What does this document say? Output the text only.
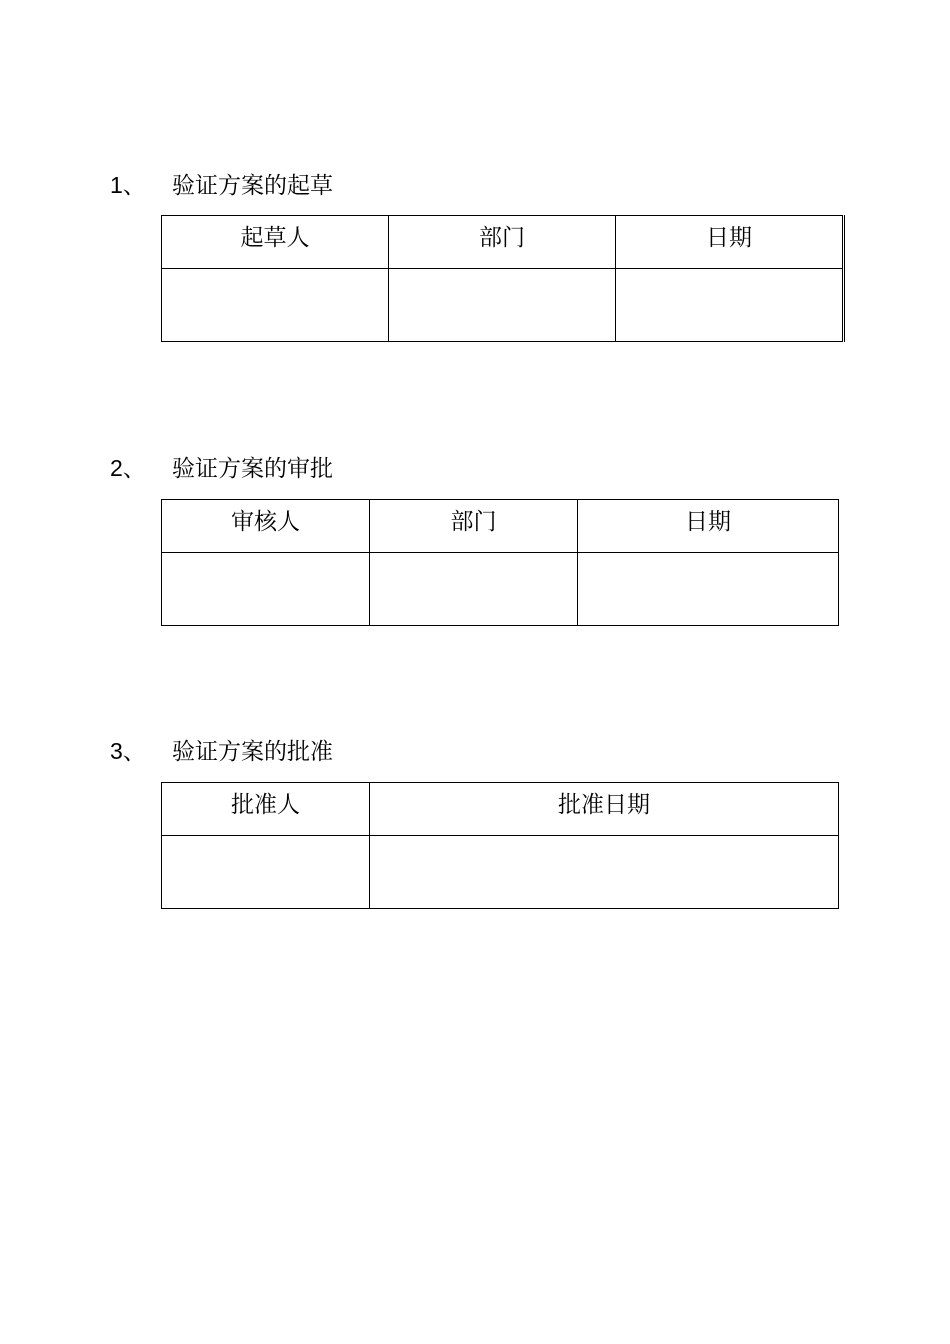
1、 验证方案的起草
起草人	部门	日期

2、 验证方案的审批
审核人	部门	日期

3、 验证方案的批准
批准人	批准日期
